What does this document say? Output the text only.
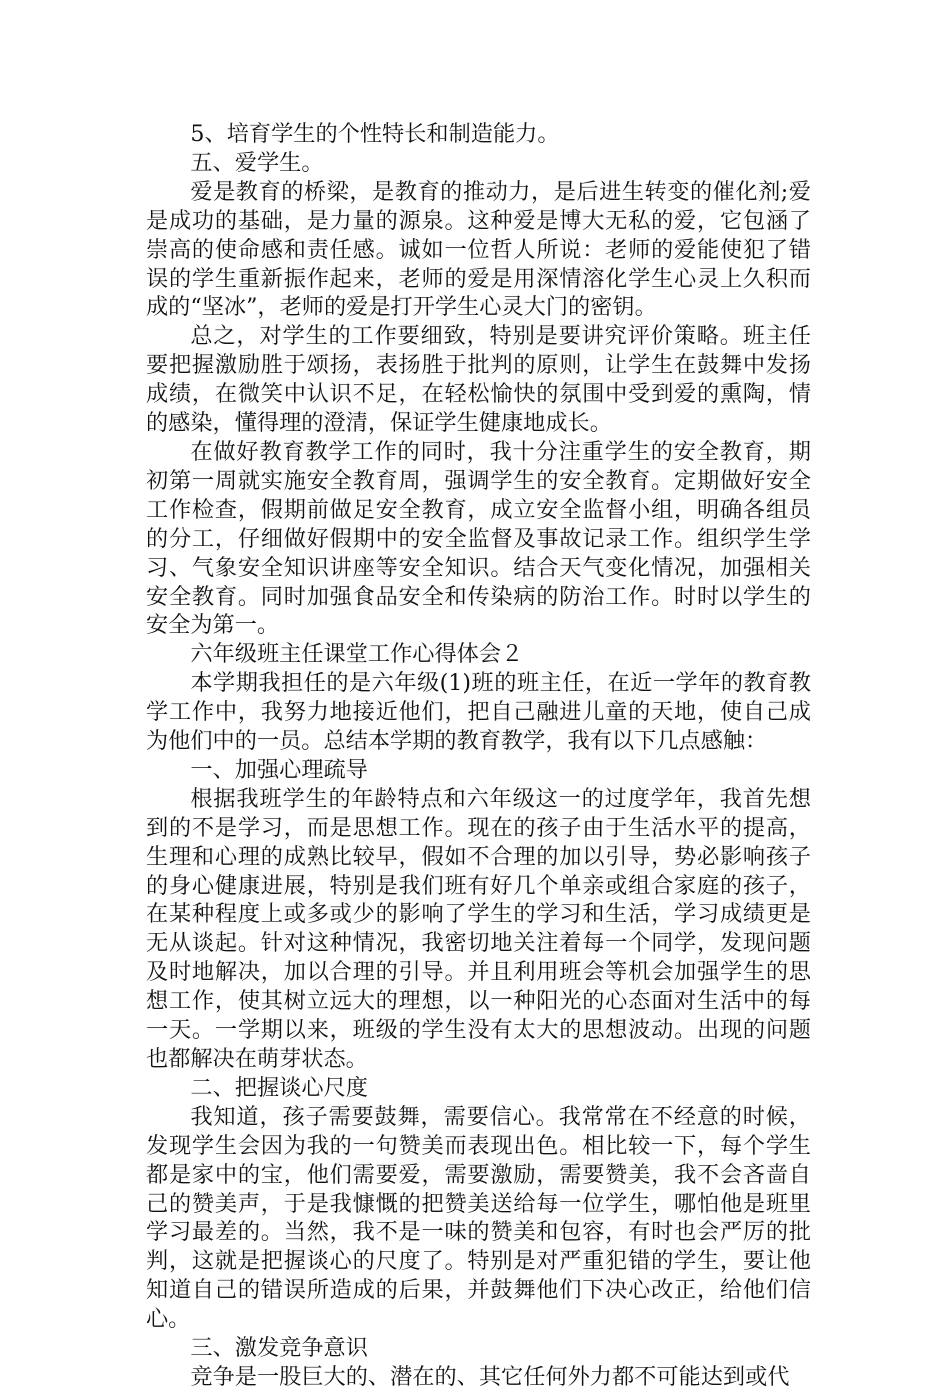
5、培育学生的个性特长和制造能力。

五、爱学生。

爱是教育的桥梁，是教育的推动力，是后进生转变的催化剂;爱是成功的基础，是力量的源泉。这种爱是博大无私的爱，它包涵了崇高的使命感和责任感。诚如一位哲人所说：老师的爱能使犯了错误的学生重新振作起来，老师的爱是用深情溶化学生心灵上久积而成的“坚冰”，老师的爱是打开学生心灵大门的密钥。

总之，对学生的工作要细致，特别是要讲究评价策略。班主任要把握激励胜于颂扬，表扬胜于批判的原则，让学生在鼓舞中发扬成绩，在微笑中认识不足，在轻松愉快的氛围中受到爱的熏陶，情的感染，懂得理的澄清，保证学生健康地成长。

在做好教育教学工作的同时，我十分注重学生的安全教育，期初第一周就实施安全教育周，强调学生的安全教育。定期做好安全工作检查，假期前做足安全教育，成立安全监督小组，明确各组员的分工，仔细做好假期中的安全监督及事故记录工作。组织学生学习、气象安全知识讲座等安全知识。结合天气变化情况，加强相关安全教育。同时加强食品安全和传染病的防治工作。时时以学生的安全为第一。

六年级班主任课堂工作心得体会２

本学期我担任的是六年级(1)班的班主任，在近一学年的教育教学工作中，我努力地接近他们，把自己融进儿童的天地，使自己成为他们中的一员。总结本学期的教育教学，我有以下几点感触：

一、加强心理疏导

根据我班学生的年龄特点和六年级这一的过度学年，我首先想到的不是学习，而是思想工作。现在的孩子由于生活水平的提高，生理和心理的成熟比较早，假如不合理的加以引导，势必影响孩子的身心健康进展，特别是我们班有好几个单亲或组合家庭的孩子，在某种程度上或多或少的影响了学生的学习和生活，学习成绩更是无从谈起。针对这种情况，我密切地关注着每一个同学，发现问题及时地解决，加以合理的引导。并且利用班会等机会加强学生的思想工作，使其树立远大的理想，以一种阳光的心态面对生活中的每一天。一学期以来，班级的学生没有太大的思想波动。出现的问题也都解决在萌芽状态。

二、把握谈心尺度

我知道，孩子需要鼓舞，需要信心。我常常在不经意的时候，发现学生会因为我的一句赞美而表现出色。相比较一下，每个学生都是家中的宝，他们需要爱，需要激励，需要赞美，我不会吝啬自己的赞美声，于是我慷慨的把赞美送给每一位学生，哪怕他是班里学习最差的。当然，我不是一味的赞美和包容，有时也会严厉的批判，这就是把握谈心的尺度了。特别是对严重犯错的学生，要让他知道自己的错误所造成的后果，并鼓舞他们下决心改正，给他们信心。

三、激发竞争意识

竞争是一股巨大的、潜在的、其它任何外力都不可能达到或代
